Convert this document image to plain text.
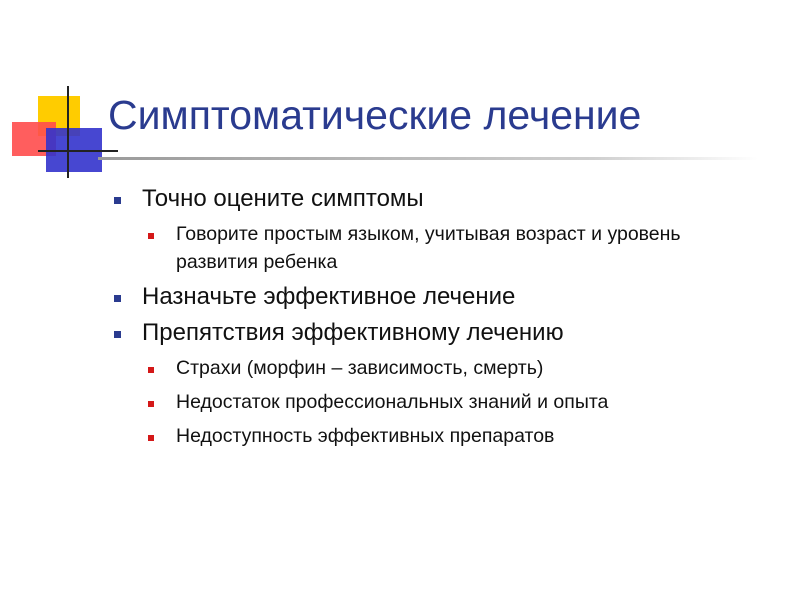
Симптоматические лечение
Точно оцените симптомы
Говорите простым языком, учитывая возраст и уровень развития ребенка
Назначьте эффективное лечение
Препятствия эффективному лечению
Страхи (морфин – зависимость, смерть)
Недостаток профессиональных знаний и опыта
Недоступность эффективных препаратов
